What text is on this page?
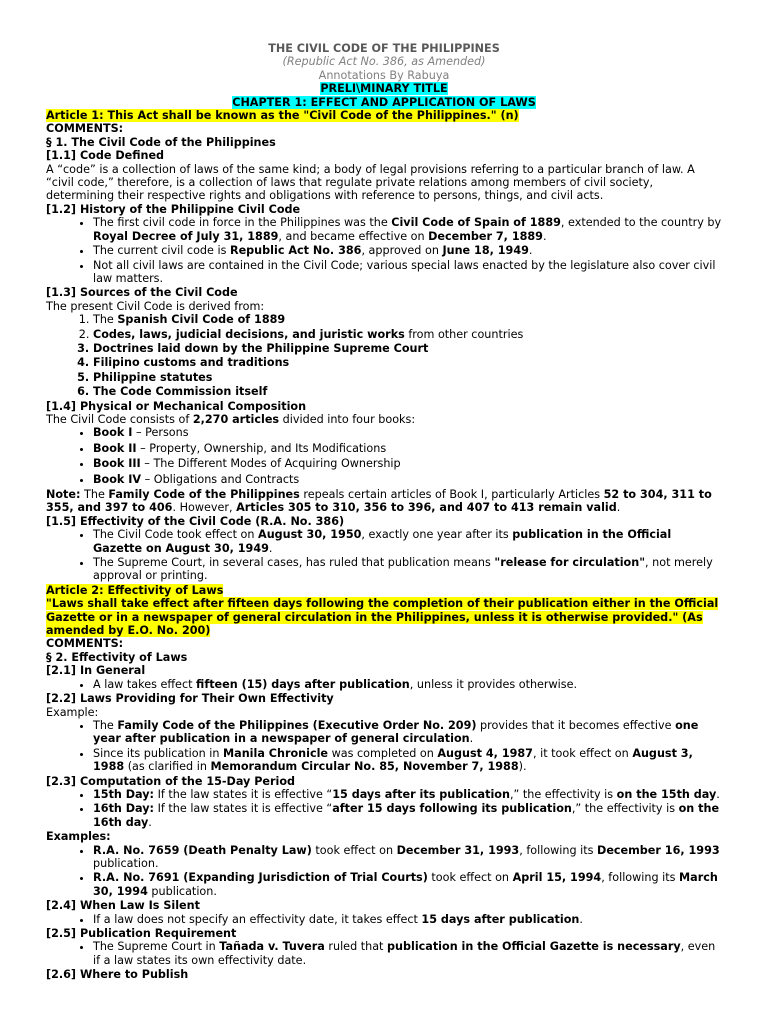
THE CIVIL CODE OF THE PHILIPPINES
(Republic Act No. 386, as Amended)
Annotations By Rabuya
PRELI\MINARY TITLE
CHAPTER 1: EFFECT AND APPLICATION OF LAWS
Article 1: This Act shall be known as the "Civil Code of the Philippines." (n)
COMMENTS:
§ 1. The Civil Code of the Philippines
[1.1] Code Defined

A “code” is a collection of laws of the same kind; a body of legal provisions referring to a particular branch of law. A “civil code,” therefore, is a collection of laws that regulate private relations among members of civil society, determining their respective rights and obligations with reference to persons, things, and civil acts.

[1.2] History of the Philippine Civil Code
• The first civil code in force in the Philippines was the Civil Code of Spain of 1889, extended to the country by Royal Decree of July 31, 1889, and became effective on December 7, 1889.
• The current civil code is Republic Act No. 386, approved on June 18, 1949.
• Not all civil laws are contained in the Civil Code; various special laws enacted by the legislature also cover civil law matters.
[1.3] Sources of the Civil Code
The present Civil Code is derived from:
1. The Spanish Civil Code of 1889
2. Codes, laws, judicial decisions, and juristic works from other countries
3. Doctrines laid down by the Philippine Supreme Court
4. Filipino customs and traditions
5. Philippine statutes
6. The Code Commission itself
[1.4] Physical or Mechanical Composition
The Civil Code consists of 2,270 articles divided into four books:
• Book I – Persons
• Book II – Property, Ownership, and Its Modifications
• Book III – The Different Modes of Acquiring Ownership
• Book IV – Obligations and Contracts

Note: The Family Code of the Philippines repeals certain articles of Book I, particularly Articles 52 to 304, 311 to 355, and 397 to 406. However, Articles 305 to 310, 356 to 396, and 407 to 413 remain valid.

[1.5] Effectivity of the Civil Code (R.A. No. 386)
• The Civil Code took effect on August 30, 1950, exactly one year after its publication in the Official Gazette on August 30, 1949.
• The Supreme Court, in several cases, has ruled that publication means "release for circulation", not merely approval or printing.
Article 2: Effectivity of Laws
"Laws shall take effect after fifteen days following the completion of their publication either in the Official Gazette or in a newspaper of general circulation in the Philippines, unless it is otherwise provided." (As amended by E.O. No. 200)
COMMENTS:
§ 2. Effectivity of Laws
[2.1] In General
• A law takes effect fifteen (15) days after publication, unless it provides otherwise.
[2.2] Laws Providing for Their Own Effectivity
Example:
• The Family Code of the Philippines (Executive Order No. 209) provides that it becomes effective one year after publication in a newspaper of general circulation.
• Since its publication in Manila Chronicle was completed on August 4, 1987, it took effect on August 3, 1988 (as clarified in Memorandum Circular No. 85, November 7, 1988).
[2.3] Computation of the 15-Day Period
• 15th Day: If the law states it is effective “15 days after its publication,” the effectivity is on the 15th day.
• 16th Day: If the law states it is effective “after 15 days following its publication,” the effectivity is on the 16th day.
Examples:
• R.A. No. 7659 (Death Penalty Law) took effect on December 31, 1993, following its December 16, 1993 publication.
• R.A. No. 7691 (Expanding Jurisdiction of Trial Courts) took effect on April 15, 1994, following its March 30, 1994 publication.
[2.4] When Law Is Silent
• If a law does not specify an effectivity date, it takes effect 15 days after publication.
[2.5] Publication Requirement
• The Supreme Court in Tañada v. Tuvera ruled that publication in the Official Gazette is necessary, even if a law states its own effectivity date.
[2.6] Where to Publish
